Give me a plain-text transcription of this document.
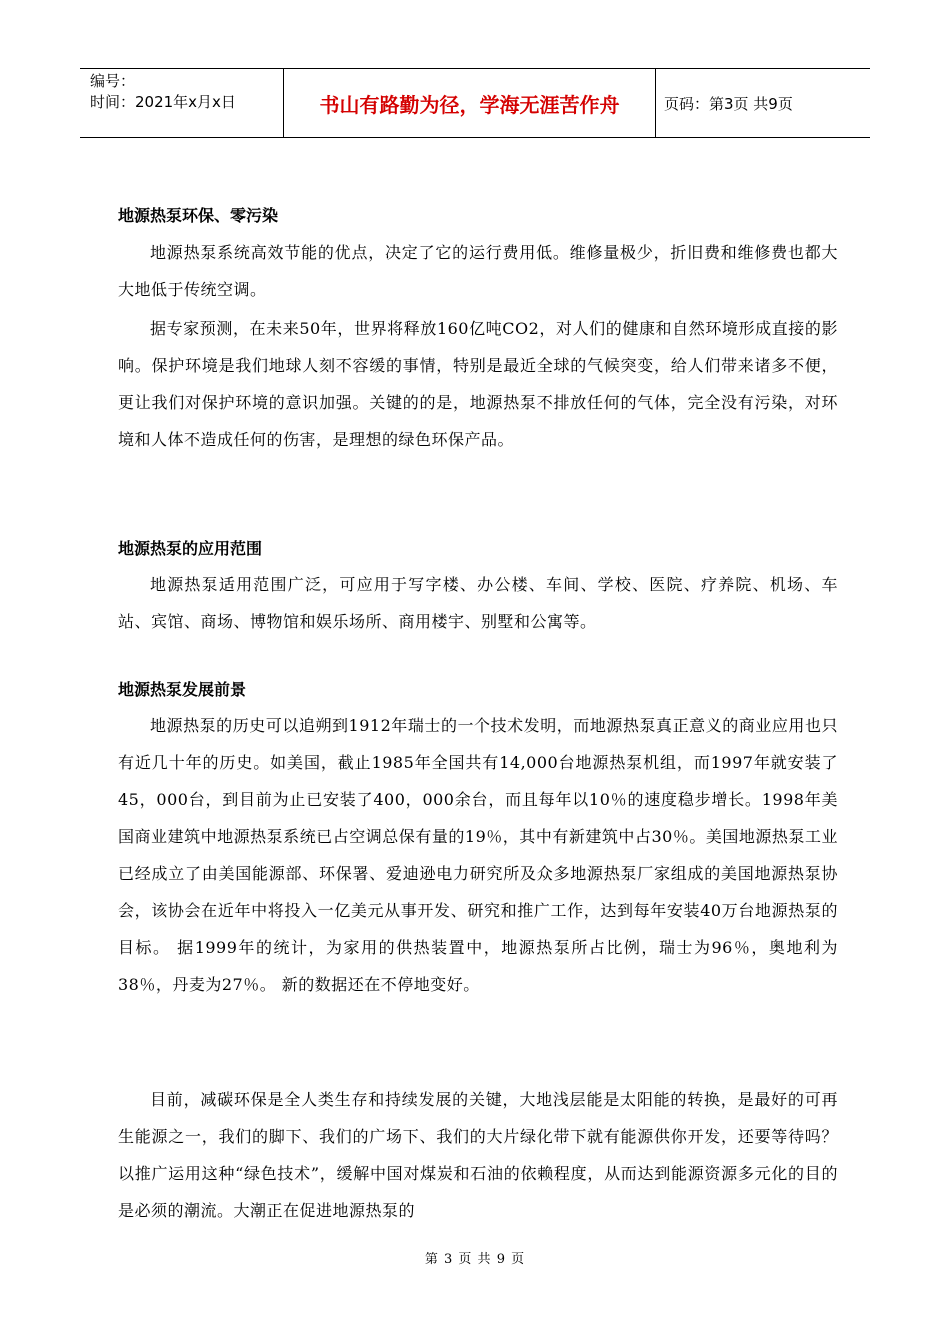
编号：
时间：2021年x月x日	书山有路勤为径，学海无涯苦作舟	页码：第3页 共9页
地源热泵环保、零污染
地源热泵系统高效节能的优点，决定了它的运行费用低。维修量极少，折旧费和维修费也都大大地低于传统空调。
据专家预测，在未来50年，世界将释放160亿吨CO2，对人们的健康和自然环境形成直接的影响。保护环境是我们地球人刻不容缓的事情，特别是最近全球的气候突变，给人们带来诸多不便，更让我们对保护环境的意识加强。关键的的是，地源热泵不排放任何的气体，完全没有污染，对环境和人体不造成任何的伤害，是理想的绿色环保产品。
地源热泵的应用范围
地源热泵适用范围广泛，可应用于写字楼、办公楼、车间、学校、医院、疗养院、机场、车站、宾馆、商场、博物馆和娱乐场所、商用楼宇、别墅和公寓等。
地源热泵发展前景
地源热泵的历史可以追朔到1912年瑞士的一个技术发明，而地源热泵真正意义的商业应用也只有近几十年的历史。如美国，截止1985年全国共有14,000台地源热泵机组，而1997年就安装了45，000台，到目前为止已安装了400，000余台，而且每年以10％的速度稳步增长。1998年美国商业建筑中地源热泵系统已占空调总保有量的19％，其中有新建筑中占30％。美国地源热泵工业已经成立了由美国能源部、环保署、爱迪逊电力研究所及众多地源热泵厂家组成的美国地源热泵协会，该协会在近年中将投入一亿美元从事开发、研究和推广工作，达到每年安装40万台地源热泵的目标。 据1999年的统计，为家用的供热装置中，地源热泵所占比例，瑞士为96％，奥地利为38％，丹麦为27％。 新的数据还在不停地变好。
目前，减碳环保是全人类生存和持续发展的关键，大地浅层能是太阳能的转换，是最好的可再生能源之一，我们的脚下、我们的广场下、我们的大片绿化带下就有能源供你开发，还要等待吗？以推广运用这种“绿色技术”，缓解中国对煤炭和石油的依赖程度，从而达到能源资源多元化的目的是必须的潮流。大潮正在促进地源热泵的
第 3 页 共 9 页
